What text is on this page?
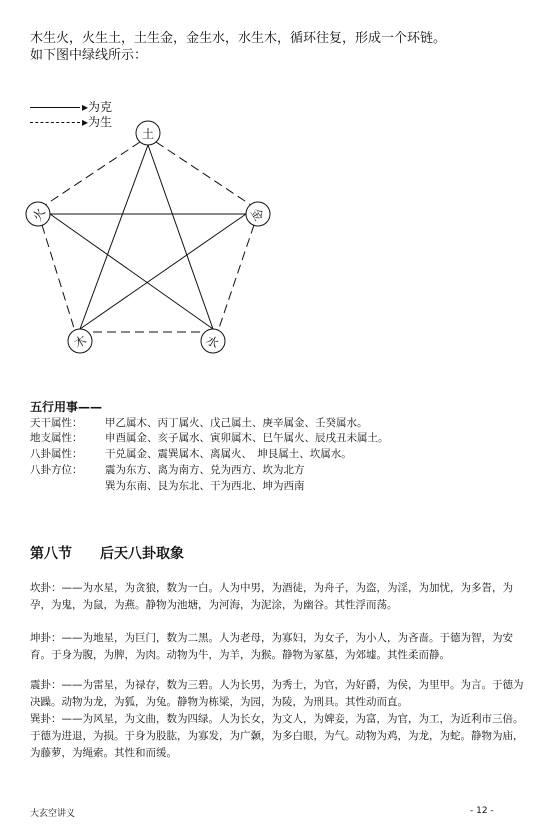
木生火，火生土，土生金，金生水，水生木，循环往复，形成一个环链。
如下图中绿线所示：
▸为克
▸为生
土
火	金
木	水
五行用事——
天干属性： 甲乙属木、丙丁属火、戊己属土、庚辛属金、壬癸属水。
地支属性： 申酉属金、亥子属水、寅卯属木、巳午属火、辰戌丑未属土。
八卦属性： 干兑属金、震巽属木、离属火、　坤艮属土、坎属水。
八卦方位： 震为东方、离为南方、兑为西方、坎为北方
巽为东南、艮为东北、干为西北、坤为西南
第八节 后天八卦取象
坎卦：——为水星，为贪狼，数为一白。人为中男，为酒徒，为舟子，为盗，为淫，为加忧，为多眚，为孕，为鬼，为鼠，为燕。静物为池塘，为河海，为泥涂，为幽谷。其性浮而荡。
坤卦：——为地星，为巨门，数为二黑。人为老母，为寡妇，为女子，为小人，为吝啬。于德为智，为安育。于身为腹，为脾，为肉。动物为牛，为羊，为猴。静物为冢墓，为郊墟。其性柔而静。
震卦：——为雷星，为禄存，数为三碧。人为长男，为秀士，为官，为好爵，为侯，为里甲。为言。于德为决躁。动物为龙，为狐，为兔。静物为栋梁，为园，为陵，为刑具。其性动而直。
巽卦：——为风星，为文曲，数为四绿。人为长女，为文人，为婢妾，为富，为官，为工，为近利市三倍。于德为进退，为损。于身为股肱，为寡发，为广颡，为多白眼，为气。动物为鸡，为龙，为蛇。静物为庙，为藤萝，为绳索。其性和而缓。
大玄空讲义	- 12 -
